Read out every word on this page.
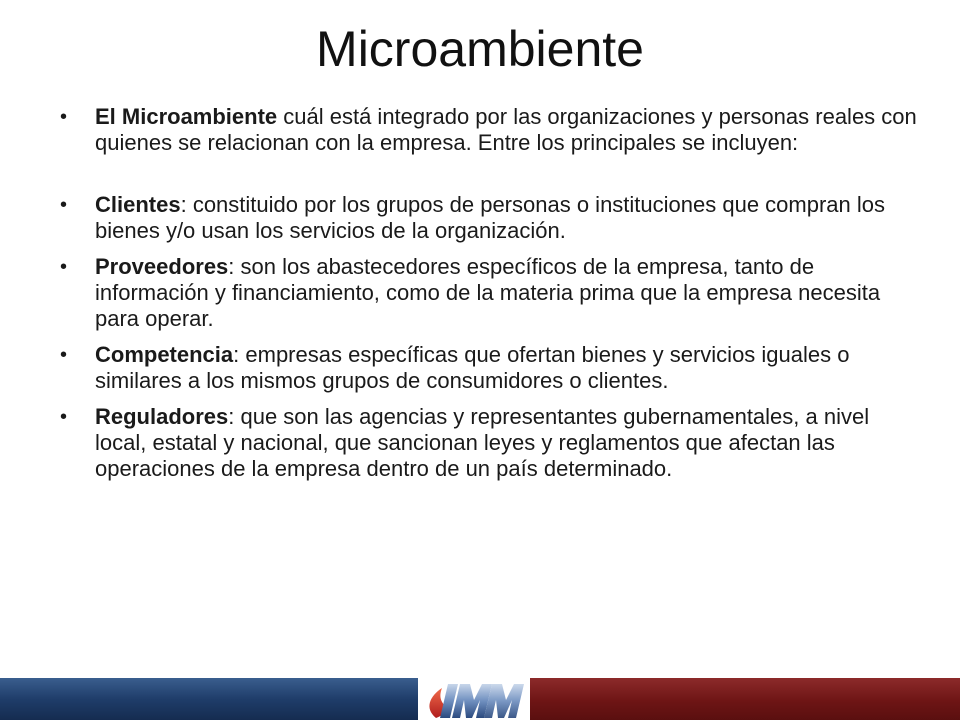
Microambiente
• El Microambiente cuál está integrado por las organizaciones y personas reales con quienes se relacionan con la empresa. Entre los principales se incluyen:
• Clientes: constituido por los grupos de personas o instituciones que compran los bienes y/o usan los servicios de la organización.
• Proveedores: son los abastecedores específicos de la empresa, tanto de información y financiamiento, como de la materia prima que la empresa necesita para operar.
• Competencia: empresas específicas que ofertan bienes y servicios iguales o similares a los mismos grupos de consumidores o clientes.
• Reguladores: que son las agencias y representantes gubernamentales, a nivel local, estatal y nacional, que sancionan leyes y reglamentos que afectan las operaciones de la empresa dentro de un país determinado.
